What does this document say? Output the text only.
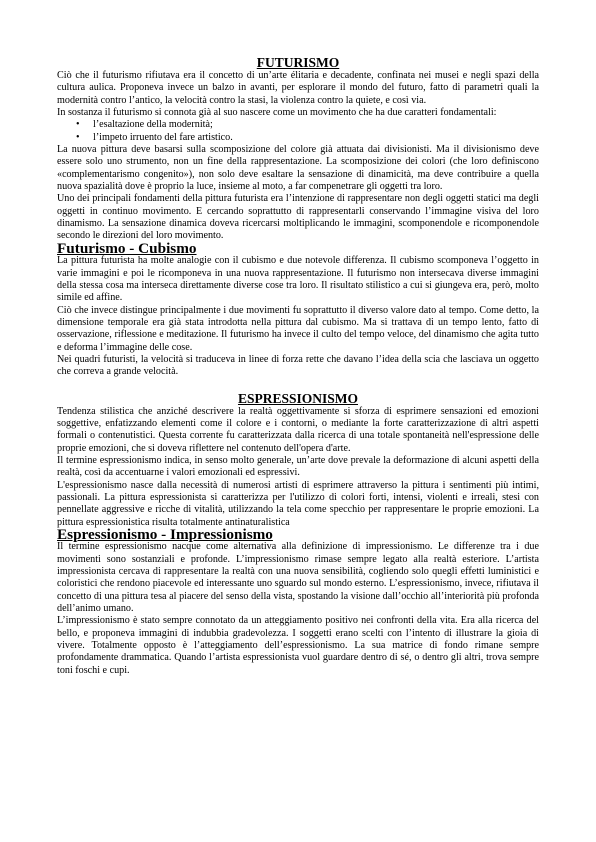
FUTURISMO

Ciò che il futurismo rifiutava era il concetto di un’arte élitaria e decadente, confinata nei musei e negli spazi della cultura aulica. Proponeva invece un balzo in avanti, per esplorare il mondo del futuro, fatto di parametri quali la modernità contro l’antico, la velocità contro la stasi, la violenza contro la quiete, e così via.

In sostanza il futurismo si connota già al suo nascere come un movimento che ha due caratteri fondamentali:

• l’esaltazione della modernità;
• l’impeto irruento del fare artistico.

La nuova pittura deve basarsi sulla scomposizione del colore già attuata dai divisionisti. Ma il divisionismo deve essere solo uno strumento, non un fine della rappresentazione. La scomposizione dei colori (che loro definiscono «complementarismo congenito»), non solo deve esaltare la sensazione di dinamicità, ma deve contribuire a quella nuova spazialità dove è proprio la luce, insieme al moto, a far compenetrare gli oggetti tra loro.

Uno dei principali fondamenti della pittura futurista era l’intenzione di rappresentare non degli oggetti statici ma degli oggetti in continuo movimento. E cercando soprattutto di rappresentarli conservando l’immagine visiva del loro dinamismo. La sensazione dinamica doveva ricercarsi moltiplicando le immagini, scomponendole e ricomponendole secondo le direzioni del loro movimento.

Futurismo - Cubismo

La pittura futurista ha molte analogie con il cubismo e due notevole differenza. Il cubismo scomponeva l’oggetto in varie immagini e poi le ricomponeva in una nuova rappresentazione. Il futurismo non intersecava diverse immagini della stessa cosa ma interseca direttamente diverse cose tra loro. Il risultato stilistico a cui si giungeva era, però, molto simile ed affine.

Ciò che invece distingue principalmente i due movimenti fu soprattutto il diverso valore dato al tempo. Come detto, la dimensione temporale era già stata introdotta nella pittura dal cubismo. Ma si trattava di un tempo lento, fatto di osservazione, riflessione e meditazione. Il futurismo ha invece il culto del tempo veloce, del dinamismo che agita tutto e deforma l’immagine delle cose.

Nei quadri futuristi, la velocità si traduceva in linee di forza rette che davano l’idea della scia che lasciava un oggetto che correva a grande velocità.

ESPRESSIONISMO

Tendenza stilistica che anziché descrivere la realtà oggettivamente si sforza di esprimere sensazioni ed emozioni soggettive, enfatizzando elementi come il colore e i contorni, o mediante la forte caratterizzazione di altri aspetti formali o contenutistici. Questa corrente fu caratterizzata dalla ricerca di una totale spontaneità nell'espressione delle proprie emozioni, che si doveva riflettere nel contenuto dell'opera d'arte.

Il termine espressionismo indica, in senso molto generale, un’arte dove prevale la deformazione di alcuni aspetti della realtà, così da accentuarne i valori emozionali ed espressivi.

L'espressionismo nasce dalla necessità di numerosi artisti di esprimere attraverso la pittura i sentimenti più intimi, passionali. La pittura espressionista si caratterizza per l'utilizzo di colori forti, intensi, violenti e irreali, stesi con pennellate aggressive e ricche di vitalità, utilizzando la tela come specchio per rappresentare le proprie emozioni. La pittura espressionistica risulta totalmente antinaturalistica

Espressionismo - Impressionismo

Il termine espressionismo nacque come alternativa alla definizione di impressionismo. Le differenze tra i due movimenti sono sostanziali e profonde. L’impressionismo rimase sempre legato alla realtà esteriore. L’artista impressionista cercava di rappresentare la realtà con una nuova sensibilità, cogliendo solo quegli effetti luministici e coloristici che rendono piacevole ed interessante uno sguardo sul mondo esterno. L’espressionismo, invece, rifiutava il concetto di una pittura tesa al piacere del senso della vista, spostando la visione dall’occhio all’interiorità più profonda dell’animo umano.

L’impressionismo è stato sempre connotato da un atteggiamento positivo nei confronti della vita. Era alla ricerca del bello, e proponeva immagini di indubbia gradevolezza. I soggetti erano scelti con l’intento di illustrare la gioia di vivere. Totalmente opposto è l’atteggiamento dell’espressionismo. La sua matrice di fondo rimane sempre profondamente drammatica. Quando l’artista espressionista vuol guardare dentro di sé, o dentro gli altri, trova sempre toni foschi e cupi.
